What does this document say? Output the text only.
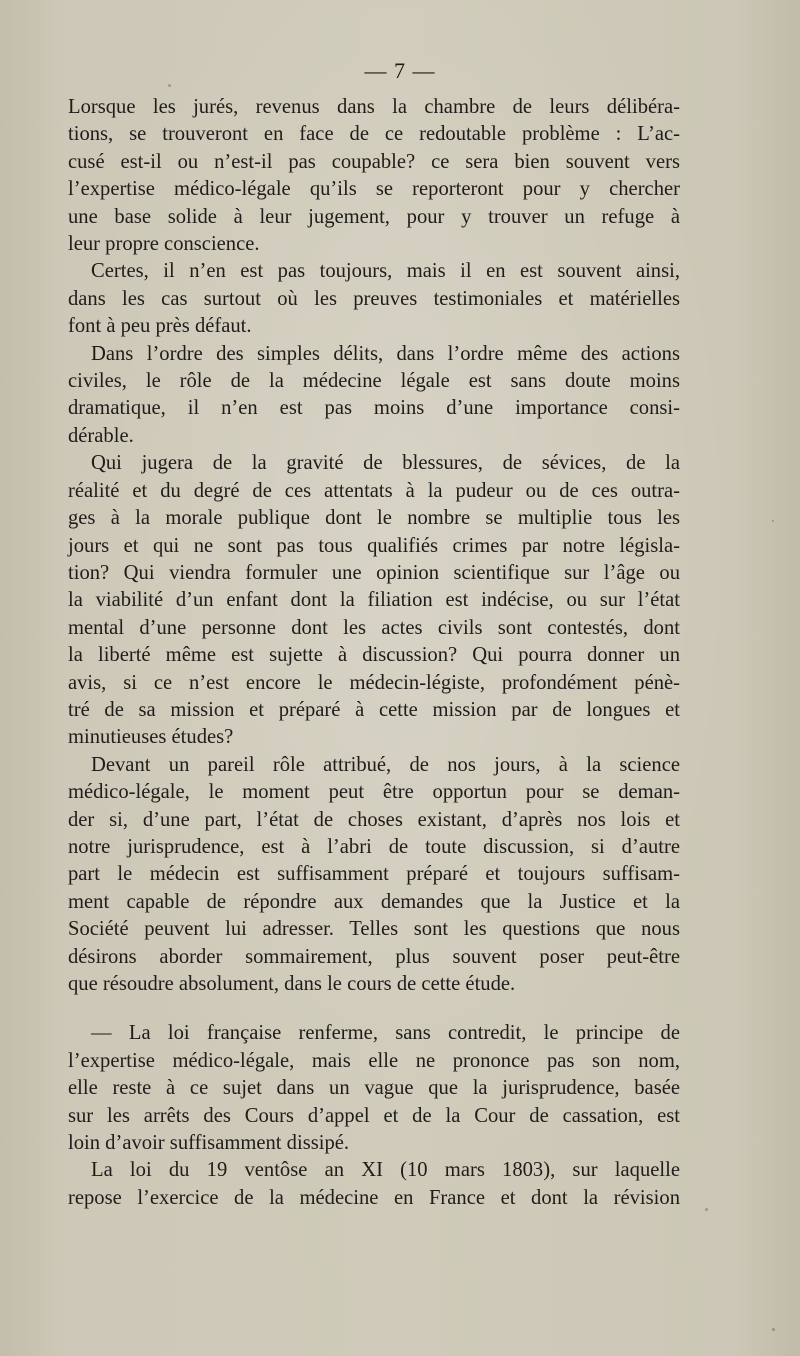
— 7 —
Lorsque les jurés, revenus dans la chambre de leurs délibéra-
tions, se trouveront en face de ce redoutable problème : L’ac-
cusé est-il ou n’est-il pas coupable? ce sera bien souvent vers
l’expertise médico-légale qu’ils se reporteront pour y chercher
une base solide à leur jugement, pour y trouver un refuge à
leur propre conscience.
Certes, il n’en est pas toujours, mais il en est souvent ainsi,
dans les cas surtout où les preuves testimoniales et matérielles
font à peu près défaut.
Dans l’ordre des simples délits, dans l’ordre même des actions
civiles, le rôle de la médecine légale est sans doute moins
dramatique, il n’en est pas moins d’une importance consi-
dérable.
Qui jugera de la gravité de blessures, de sévices, de la
réalité et du degré de ces attentats à la pudeur ou de ces outra-
ges à la morale publique dont le nombre se multiplie tous les
jours et qui ne sont pas tous qualifiés crimes par notre législa-
tion? Qui viendra formuler une opinion scientifique sur l’âge ou
la viabilité d’un enfant dont la filiation est indécise, ou sur l’état
mental d’une personne dont les actes civils sont contestés, dont
la liberté même est sujette à discussion? Qui pourra donner un
avis, si ce n’est encore le médecin-légiste, profondément pénè-
tré de sa mission et préparé à cette mission par de longues et
minutieuses études?
Devant un pareil rôle attribué, de nos jours, à la science
médico-légale, le moment peut être opportun pour se deman-
der si, d’une part, l’état de choses existant, d’après nos lois et
notre jurisprudence, est à l’abri de toute discussion, si d’autre
part le médecin est suffisamment préparé et toujours suffisam-
ment capable de répondre aux demandes que la Justice et la
Société peuvent lui adresser. Telles sont les questions que nous
désirons aborder sommairement, plus souvent poser peut-être
que résoudre absolument, dans le cours de cette étude.
— La loi française renferme, sans contredit, le principe de
l’expertise médico-légale, mais elle ne prononce pas son nom,
elle reste à ce sujet dans un vague que la jurisprudence, basée
sur les arrêts des Cours d’appel et de la Cour de cassation, est
loin d’avoir suffisamment dissipé.
La loi du 19 ventôse an XI (10 mars 1803), sur laquelle
repose l’exercice de la médecine en France et dont la révision
